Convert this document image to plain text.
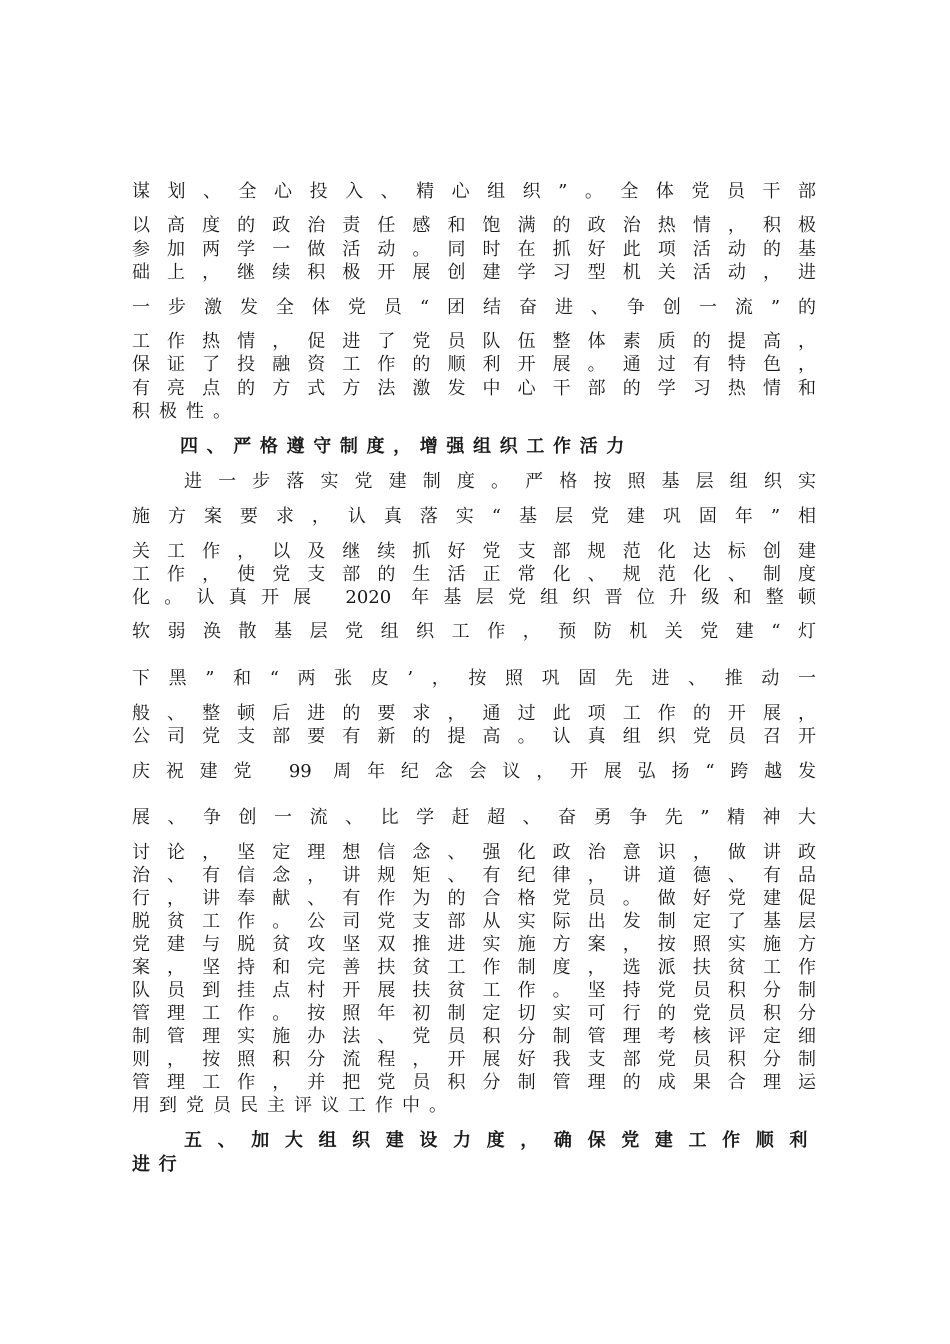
谋划、全心投入、精心组织”。全体党员干部
以高度的政治责任感和饱满的政治热情，积极
参加两学一做活动。同时在抓好此项活动的基
础上，继续积极开展创建学习型机关活动，进
一步激发全体党员“团结奋进、争创一流”的
工作热情，促进了党员队伍整体素质的提高，
保证了投融资工作的顺利开展。通过有特色，
有亮点的方式方法激发中心干部的学习热情和
积极性。
四、严格遵守制度，增强组织工作活力
进一步落实党建制度。严格按照基层组织实
施方案要求，认真落实“基层党建巩固年”相
关工作，以及继续抓好党支部规范化达标创建
工作，使党支部的生活正常化、规范化、制度
化。认真开展 2020 年基层党组织晋位升级和整顿
软弱涣散基层党组织工作，预防机关党建“灯
下黑”和“两张皮’，按照巩固先进、推动一
般、整顿后进的要求，通过此项工作的开展，
公司党支部要有新的提高。认真组织党员召开
庆祝建党 99 周年纪念会议，开展弘扬“跨越发
展、争创一流、比学赶超、奋勇争先”精神大
讨论，坚定理想信念、强化政治意识，做讲政
治、有信念，讲规矩、有纪律，讲道德、有品
行，讲奉献、有作为的合格党员。做好党建促
脱贫工作。公司党支部从实际出发制定了基层
党建与脱贫攻坚双推进实施方案，按照实施方
案，坚持和完善扶贫工作制度，选派扶贫工作
队员到挂点村开展扶贫工作。坚持党员积分制
管理工作。按照年初制定切实可行的党员积分
制管理实施办法、党员积分制管理考核评定细
则，按照积分流程，开展好我支部党员积分制
管理工作，并把党员积分制管理的成果合理运
用到党员民主评议工作中。
五、加大组织建设力度，确保党建工作顺利
进行
